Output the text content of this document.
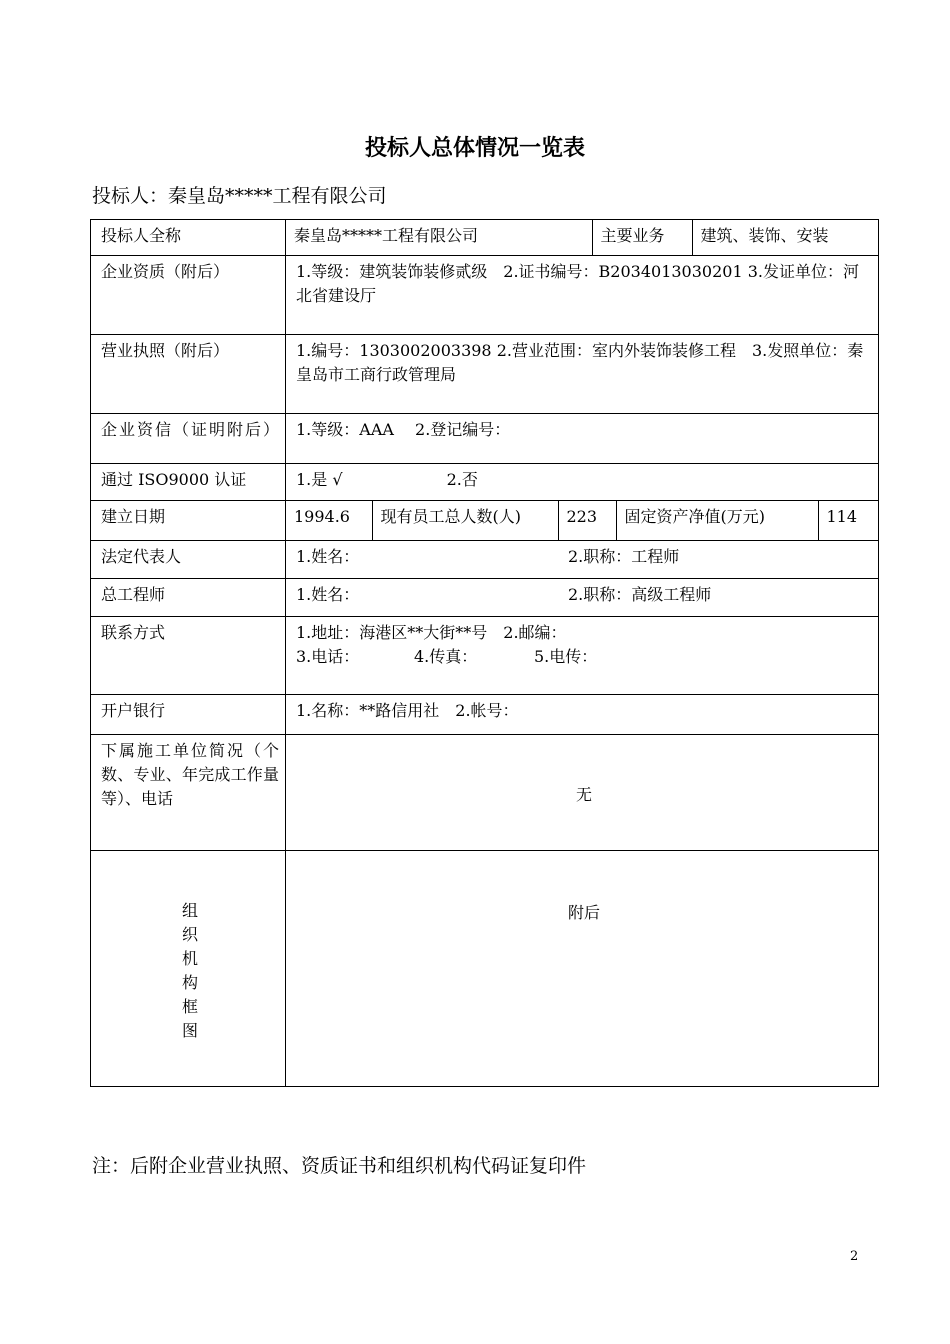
投标人总体情况一览表
投标人：秦皇岛*****工程有限公司
投标人全称		秦皇岛*****工程有限公司	主要业务	建筑、装饰、安装

企业资质（附后）	1.等级：建筑装饰装修贰级　2.证书编号：B2034013030201 3.发证单位：河北省建设厅
营业执照（附后）	1.编号：1303002003398 2.营业范围：室内外装饰装修工程　3.发照单位：秦皇岛市工商行政管理局
企业资信（证明附后）	1.等级：AAA　 2.登记编号：
通过 ISO9000 认证	1.是 √	2.否
建立日期		1994.6	现有员工总人数(人)	223	固定资产净值(万元)	114

法定代表人	1.姓名：	2.职称：工程师
总工程师	1.姓名：	2.职称：高级工程师
联系方式	1.地址：海港区**大街**号　2.邮编：
3.电话：	4.传真：	5.电传：

开户银行	1.名称：**路信用社　2.帐号：
下属施工单位简况（个数、专业、年完成工作量等）、电话	无

组
织
机
构
框
图
	附后
注：后附企业营业执照、资质证书和组织机构代码证复印件
2
